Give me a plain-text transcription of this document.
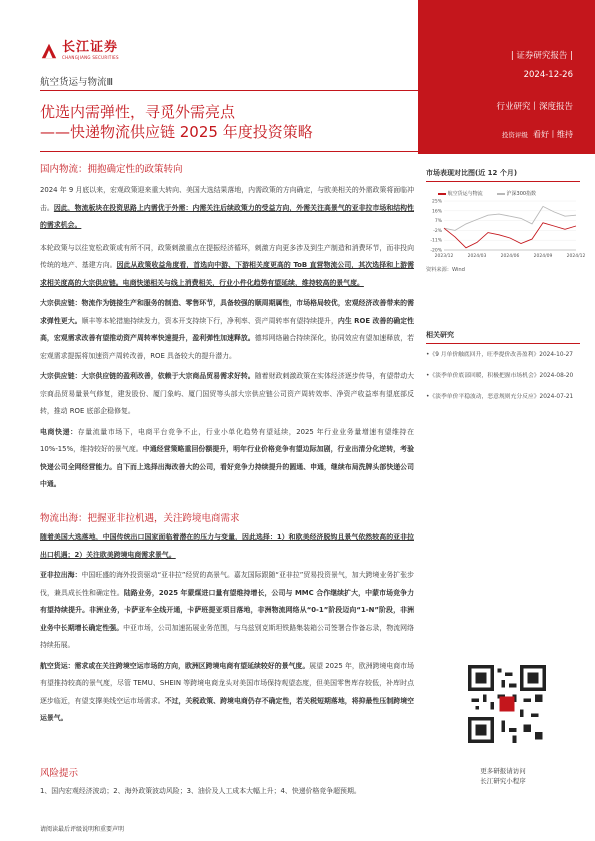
| 证券研究报告 |
2024-12-26
行业研究丨深度报告
投资评级 看好丨维持
长江证券
CHANGJIANG SECURITIES
航空货运与物流Ⅲ
优选内需弹性，寻觅外需亮点
——快递物流供应链 2025 年度投资策略
国内物流：拥抱确定性的政策转向

2024 年 9 月底以来，宏观政策迎来重大转向、美国大选结果落地，内需政策的方向确定，与欧美相关的外需政策将面临冲击。因此，物流板块在投资思路上内需优于外需：内需关注后续政策力的受益方向，外需关注高景气的亚非拉市场和结构性的需求机会。

本轮政策与以往宽松政策或有所不同，政策刺激重点在提振经济循环，刺激方向更多涉及到生产制造和消费环节，而非投向传统的地产、基建方向。因此从政策收益角度看，首选向中游、下游相关度更高的 ToB 直营物流公司，其次选择和上游需求相关度高的大宗供应链。电商快递相关与线上消费相关，行业小件化趋势有望延续，维持较高的景气度。

大宗供应链：物流作为链接生产和服务的制造、零售环节，具备较强的顺周期属性，市场格局较优，宏观经济改善带来的需求弹性更大。顺丰等本轮措施持续发力，资本开支持续下行，净利率、资产周转率有望持续提升，内生 ROE 改善的确定性高，宏观需求改善有望推动资产周转率快速提升，盈利弹性加速释放。德邦网络融合持续深化，协同效应有望加速释放，若宏观需求提振将加速资产周转改善，ROE 具备较大的提升潜力。

大宗供应链：大宗供应链的盈利改善，依赖于大宗商品贸易需求好转。随着财政刺激政策在实体经济逐步传导，有望带动大宗商品贸易量景气修复，建发股份、厦门象屿、厦门国贸等头部大宗供应链公司资产周转效率、净资产收益率有望底部反转，推动 ROE 底部企稳修复。

电商快递：存量流量市场下，电商平台竞争不止，行业小单化趋势有望延续，2025 年行业业务量增速有望维持在 10%-15%，维持较好的景气度。中通经营策略重回份额提升，明年行业价格竞争有望边际加剧，行业出清分化逆转，考验快递公司全网经营能力。自下而上选择出海改善大的公司，看好竞争力持续提升的圆通、申通，继续布局洗牌头部快递公司中通。

物流出海：把握亚非拉机遇，关注跨境电商需求

随着美国大选落地，中国传统出口国家面临着潜在的压力与变量，因此选择：1）和欧美经济脱钩且景气依然较高的亚非拉出口机遇；2）关注欧美跨境电商需求景气。

亚非拉出海：中国旺盛的海外投资驱动“亚非拉”经贸的高景气。嘉友国际跟随“亚非拉”贸易投资景气，加大跨境业务扩张步伐，兼具成长性和确定性。陆路业务，2025 年蒙煤进口量有望维持增长，公司与 MMC 合作继续扩大，中蒙市场竞争力有望持续提升。非洲业务，卡萨亚车全线开通，卡萨班提亚项目落地，非洲物流网络从“0-1”阶段迈向“1-N”阶段，非洲业务中长期增长确定性强。中亚市场，公司加速拓展业务范围，与乌兹别克斯坦铁路集装箱公司签署合作备忘录，物流网络持续拓展。

航空货运：需求或在关注跨境空运市场的方向，欧洲区跨境电商有望延续较好的景气度。展望 2025 年，欧洲跨境电商市场有望推持较高的景气度，尽管 TEMU、SHEIN 等跨境电商龙头对美国市场保持观望态度，但美国零售库存较低，补库时点逐步临近，有望支撑美线空运市场需求。不过，关税政策、跨境电商仍存不确定性，若关税短期落地，将抑最性压制跨境空运景气。

风险提示

1、国内宏观经济波动；2、海外政策波动风险；3、油价及人工成本大幅上升；4、快递价格竞争超预期。

市场表现对比图(近 12 个月)
航空货运与物流	沪深300指数
25%
16%
7%
-2%
-11%
-20%
2023/12	2024/03	2024/06	2024/09	2024/12
资料来源：Wind
相关研究
•《9 月单价触底回升，旺季提价改善盈利》2024-10-27
•《淡季单价底部回暖，积极把握市场机会》2024-08-20
•《淡季单价平稳波动，恶意规则充分反应》2024-07-21
更多研报请访问
长江研究小程序
请阅读最后评级说明和重要声明
